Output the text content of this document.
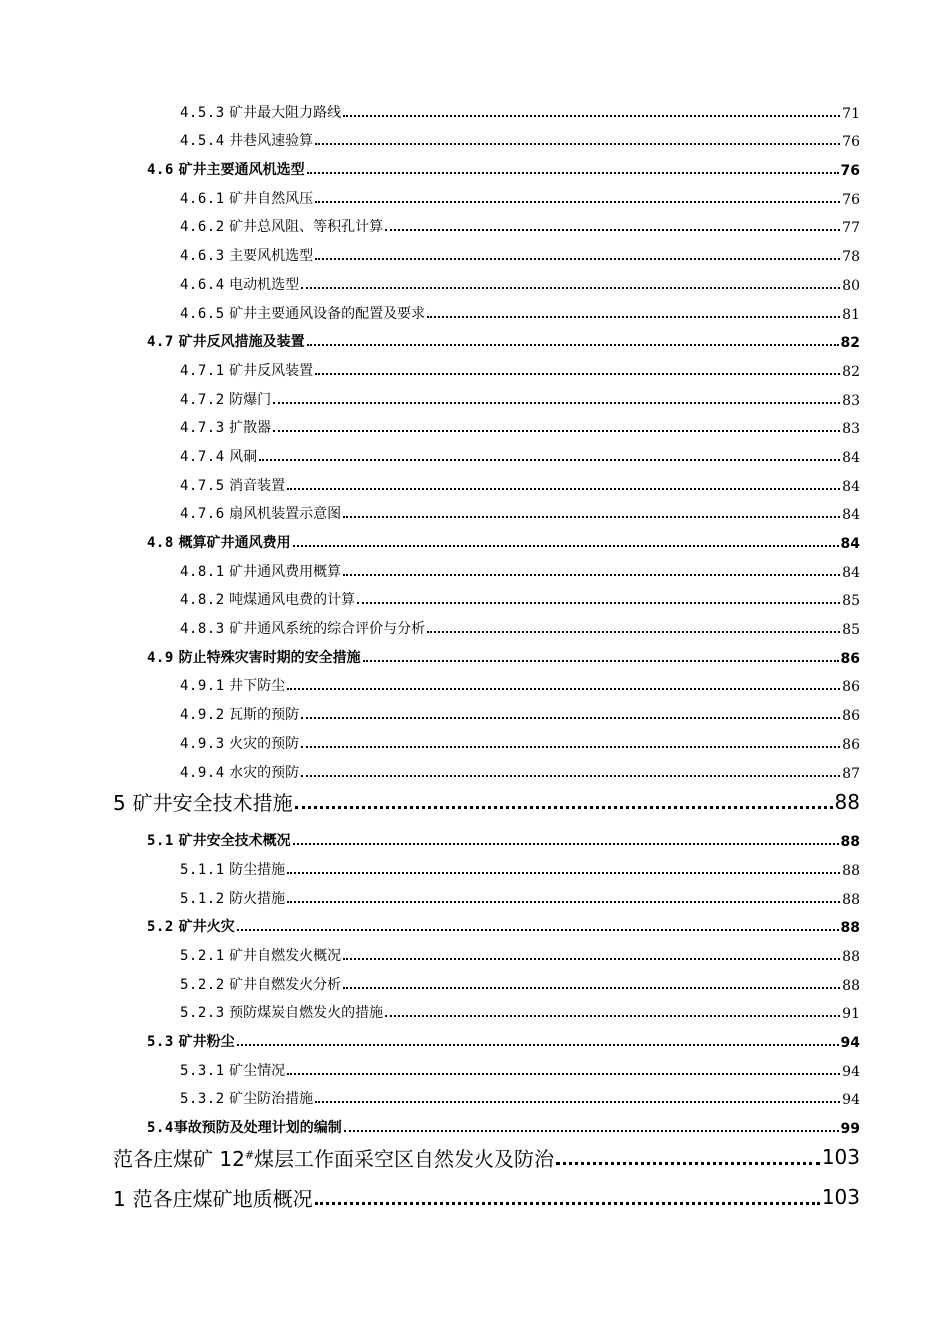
4.5.3 矿井最大阻力路线	71
4.5.4 井巷风速验算	76
4.6 矿井主要通风机选型	76
4.6.1 矿井自然风压	76
4.6.2 矿井总风阻、等积孔计算	77
4.6.3 主要风机选型	78
4.6.4 电动机选型	80
4.6.5 矿井主要通风设备的配置及要求	81
4.7 矿井反风措施及装置	82
4.7.1 矿井反风装置	82
4.7.2 防爆门	83
4.7.3 扩散器	83
4.7.4 风硐	84
4.7.5 消音装置	84
4.7.6 扇风机装置示意图	84
4.8 概算矿井通风费用	84
4.8.1 矿井通风费用概算	84
4.8.2 吨煤通风电费的计算	85
4.8.3 矿井通风系统的综合评价与分析	85
4.9 防止特殊灾害时期的安全措施	86
4.9.1 井下防尘	86
4.9.2 瓦斯的预防	86
4.9.3 火灾的预防	86
4.9.4 水灾的预防	87
5 矿井安全技术措施	88
5.1 矿井安全技术概况	88
5.1.1 防尘措施	88
5.1.2 防火措施	88
5.2 矿井火灾	88
5.2.1 矿井自燃发火概况	88
5.2.2 矿井自燃发火分析	88
5.2.3 预防煤炭自燃发火的措施	91
5.3 矿井粉尘	94
5.3.1 矿尘情况	94
5.3.2 矿尘防治措施	94
5.4事故预防及处理计划的编制	99
范各庄煤矿 12#煤层工作面采空区自然发火及防治	103
1 范各庄煤矿地质概况	103
